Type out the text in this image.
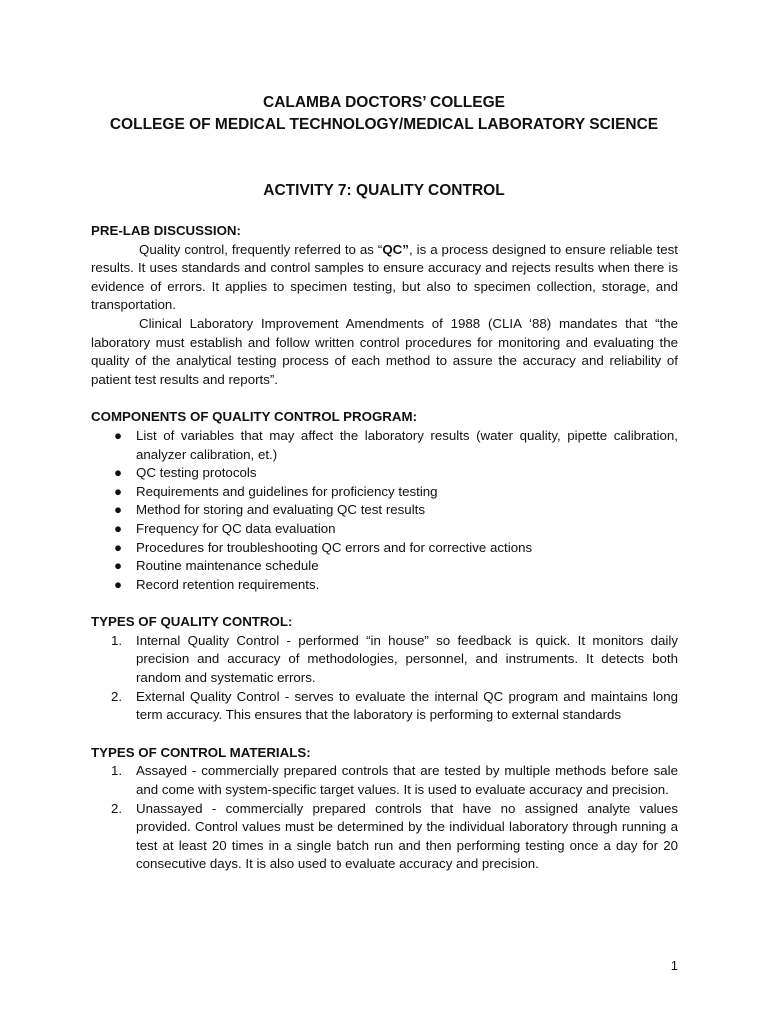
CALAMBA DOCTORS’ COLLEGE
COLLEGE OF MEDICAL TECHNOLOGY/MEDICAL LABORATORY SCIENCE
ACTIVITY 7: QUALITY CONTROL

PRE-LAB DISCUSSION:

Quality control, frequently referred to as “QC”, is a process designed to ensure reliable test results. It uses standards and control samples to ensure accuracy and rejects results when there is evidence of errors. It applies to specimen testing, but also to specimen collection, storage, and transportation.

Clinical Laboratory Improvement Amendments of 1988 (CLIA ‘88) mandates that “the laboratory must establish and follow written control procedures for monitoring and evaluating the quality of the analytical testing process of each method to assure the accuracy and reliability of patient test results and reports”.

COMPONENTS OF QUALITY CONTROL PROGRAM:

● List of variables that may affect the laboratory results (water quality, pipette calibration, analyzer calibration, et.)
● QC testing protocols
● Requirements and guidelines for proficiency testing
● Method for storing and evaluating QC test results
● Frequency for QC data evaluation
● Procedures for troubleshooting QC errors and for corrective actions
● Routine maintenance schedule
● Record retention requirements.

TYPES OF QUALITY CONTROL:

1. Internal Quality Control - performed “in house” so feedback is quick. It monitors daily precision and accuracy of methodologies, personnel, and instruments. It detects both random and systematic errors.
2. External Quality Control - serves to evaluate the internal QC program and maintains long term accuracy. This ensures that the laboratory is performing to external standards

TYPES OF CONTROL MATERIALS:

1. Assayed - commercially prepared controls that are tested by multiple methods before sale and come with system-specific target values. It is used to evaluate accuracy and precision.
2. Unassayed - commercially prepared controls that have no assigned analyte values provided. Control values must be determined by the individual laboratory through running a test at least 20 times in a single batch run and then performing testing once a day for 20 consecutive days. It is also used to evaluate accuracy and precision.
1
